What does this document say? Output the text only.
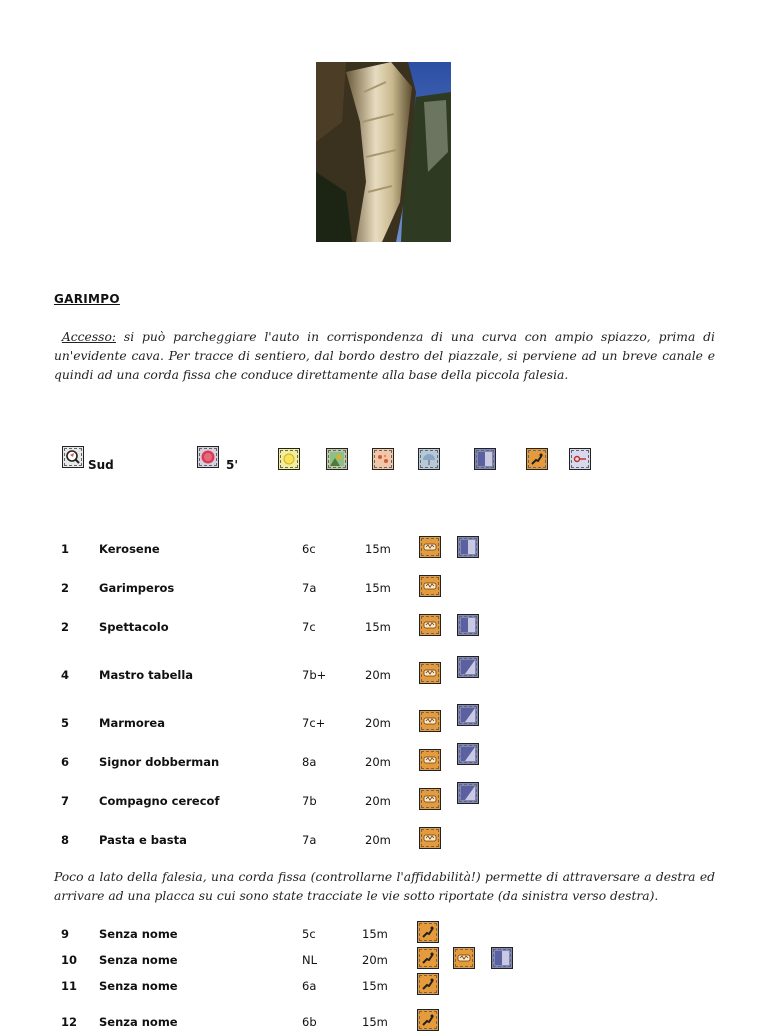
GARIMPO
Accesso: si può parcheggiare l'auto in corrispondenza di una curva con ampio spiazzo, prima di un'evidente cava. Per tracce di sentiero, dal bordo destro del piazzale, si perviene ad un breve canale e quindi ad una corda fissa che conduce direttamente alla base della piccola falesia.
Sud	5'
1	Kerosene	6c	15m
2	Garimperos	7a	15m
2	Spettacolo	7c	15m
4	Mastro tabella	7b+	20m
5	Marmorea	7c+	20m
6	Signor dobberman	8a	20m
7	Compagno cerecof	7b	20m
8	Pasta e basta	7a	20m
Poco a lato della falesia, una corda fissa (controllarne l'affidabilità!) permette di attraversare a destra ed arrivare ad una placca su cui sono state tracciate le vie sotto riportate (da sinistra verso destra).
9	Senza nome	5c	15m
10 Senza nome	NL	20m
11 Senza nome	6a	15m
12 Senza nome	6b	15m
